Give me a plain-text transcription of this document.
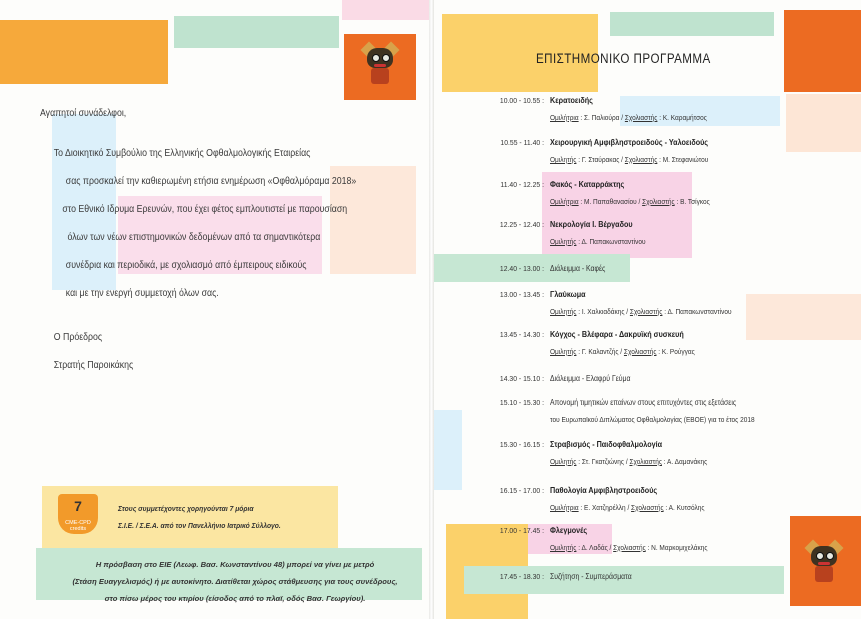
Αγαπητοί συνάδελφοι,
Το Διοικητικό Συμβούλιο της Ελληνικής Οφθαλμολογικής Εταιρείας
σας προσκαλεί την καθιερωμένη ετήσια ενημέρωση «Οφθαλμόραμα 2018»
στο Εθνικό Ιδρυμα Ερευνών, που έχει φέτος εμπλουτιστεί με παρουσίαση
όλων των νέων επιστημονικών δεδομένων από τα σημαντικότερα
συνέδρια και περιοδικά, με σχολιασμό από έμπειρους ειδικούς
και με την ενεργή συμμετοχή όλων σας.
Ο Πρόεδρος
Στρατής Παροικάκης
7
CME-CPD credits
Στους συμμετέχοντες χορηγούνται 7 μόρια
Σ.Ι.Ε. / Σ.Ε.Α. από τον Πανελλήνιο Ιατρικό Σύλλογο.
Η πρόσβαση στο ΕΙΕ (Λεωφ. Βασ. Κωνσταντίνου 48) μπορεί να γίνει με μετρό
(Στάση Ευαγγελισμός) ή με αυτοκίνητο. Διατίθεται χώρος στάθμευσης για τους συνέδρους,
στο πίσω μέρος του κτιρίου (είσοδος από το πλαϊ, οδός Βασ. Γεωργίου).
ΕΠΙΣΤΗΜΟΝΙΚΟ ΠΡΟΓΡΑΜΜΑ
10.00 - 10.55 : Κερατοειδής
Ομιλήτρια : Σ. Παλιούρα / Σχολιαστής : Κ. Καραμήτσος
10.55 - 11.40 : Χειρουργική Αμφιβληστροειδούς - Υαλοειδούς
Ομιλητής : Γ. Σταύρακας / Σχολιαστής : Μ. Στεφανιώτου
11.40 - 12.25 : Φακός - Καταρράκτης
Ομιλήτρια : Μ. Παπαθανασίου / Σχολιαστής : Β. Τσίγκος
12.25 - 12.40 : Νεκρολογία Ι. Βέργαδου
Ομιλητής : Δ. Παπακωνσταντίνου
12.40 - 13.00 : Διάλειμμα - Καφές
13.00 - 13.45 : Γλαύκωμα
Ομιλητής : Ι. Χαλκιαδάκης / Σχολιαστής : Δ. Παπακωνσταντίνου
13.45 - 14.30 : Κόγχος - Βλέφαρα - Δακρυϊκή συσκευή
Ομιλητής : Γ. Καλαντζής / Σχολιαστής : Κ. Ρούγγας
14.30 - 15.10 : Διάλειμμα - Ελαφρύ Γεύμα
15.10 - 15.30 : Απονομή τιμητικών επαίνων στους επιτυχόντες στις εξετάσεις
του Ευρωπαϊκού Διπλώματος Οφθαλμολογίας (EBOE) για το έτος 2018
15.30 - 16.15 : Στραβισμός - Παιδοφθαλμολογία
Ομιλητής : Στ. Γκατζιώνης / Σχολιαστής : Α. Δαμανάκης
16.15 - 17.00 : Παθολογία Αμφιβληστροειδούς
Ομιλήτρια : Ε. Χατζηρέλλη / Σχολιαστής : Α. Κυτσόλης
17.00 - 17.45 : Φλεγμονές
Ομιλητής : Δ. Λαδάς / Σχολιαστής : Ν. Μαρκομιχελάκης
17.45 - 18.30 : Συζήτηση - Συμπεράσματα
